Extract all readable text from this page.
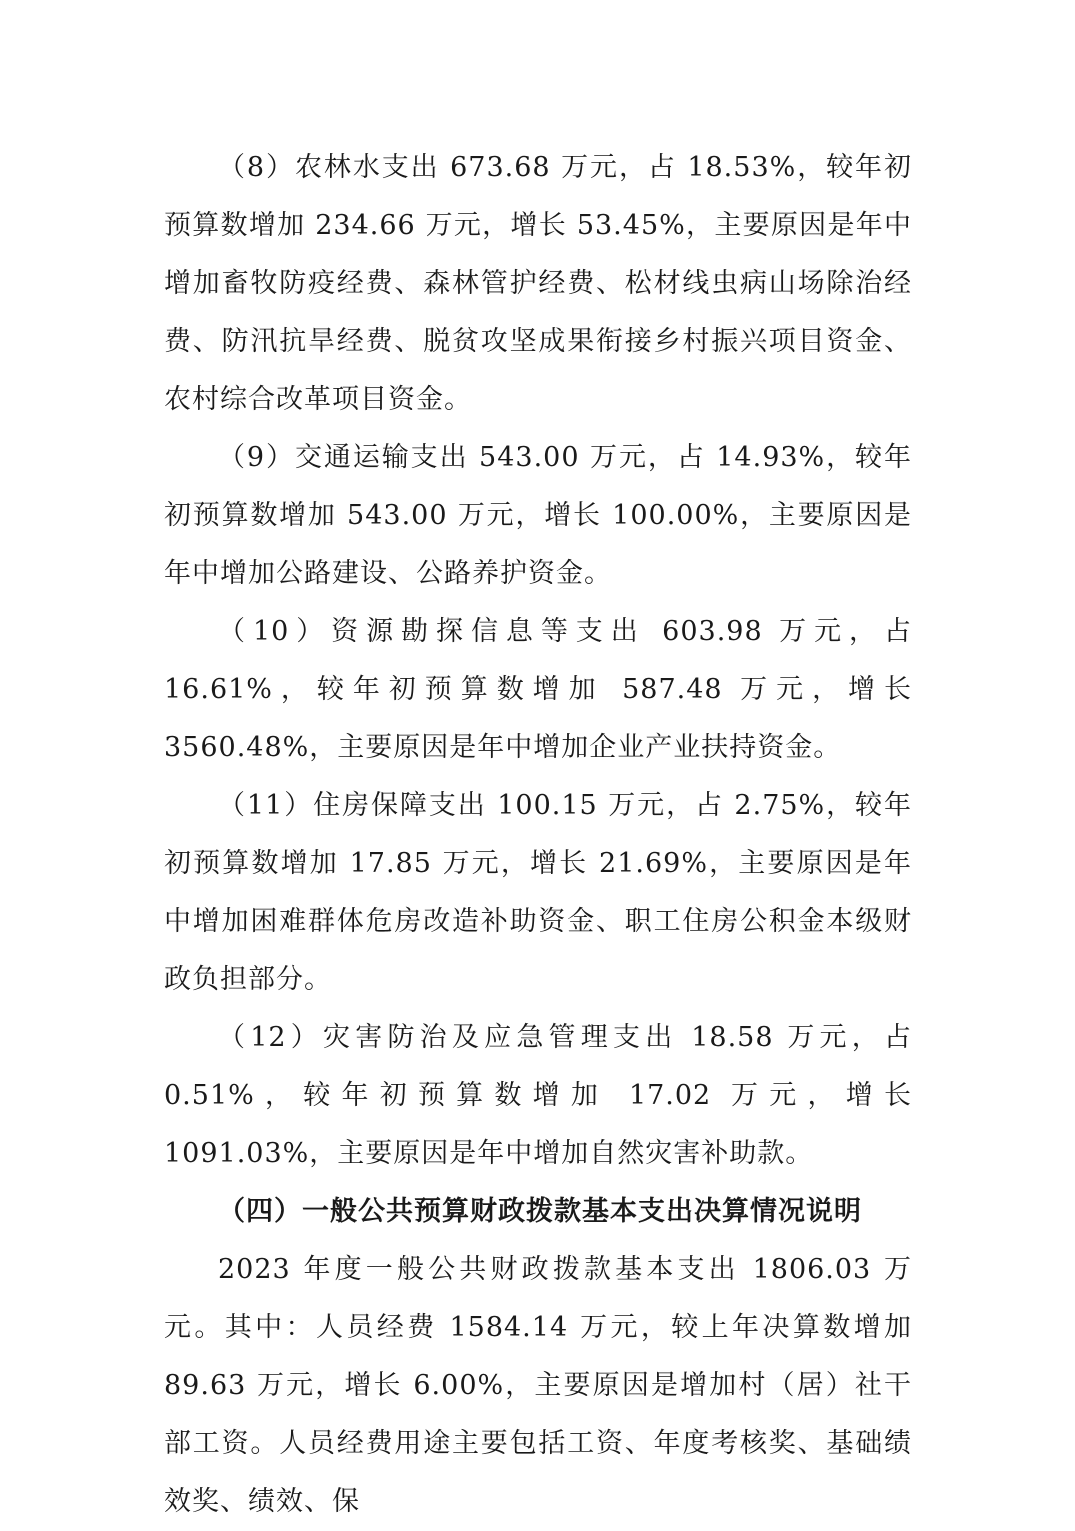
（8）农林水支出 673.68 万元，占 18.53%，较年初预算数增加 234.66 万元，增长 53.45%，主要原因是年中增加畜牧防疫经费、森林管护经费、松材线虫病山场除治经费、防汛抗旱经费、脱贫攻坚成果衔接乡村振兴项目资金、农村综合改革项目资金。

（9）交通运输支出 543.00 万元，占 14.93%，较年初预算数增加 543.00 万元，增长 100.00%，主要原因是年中增加公路建设、公路养护资金。

（10）资源勘探信息等支出 603.98 万元，占 16.61%，较年初预算数增加 587.48 万元，增长 3560.48%，主要原因是年中增加企业产业扶持资金。

（11）住房保障支出 100.15 万元，占 2.75%，较年初预算数增加 17.85 万元，增长 21.69%，主要原因是年中增加困难群体危房改造补助资金、职工住房公积金本级财政负担部分。

（12）灾害防治及应急管理支出 18.58 万元，占 0.51%，较年初预算数增加 17.02 万元，增长 1091.03%，主要原因是年中增加自然灾害补助款。

（四）一般公共预算财政拨款基本支出决算情况说明

2023 年度一般公共财政拨款基本支出 1806.03 万元。其中：人员经费 1584.14 万元，较上年决算数增加 89.63 万元，增长 6.00%，主要原因是增加村（居）社干部工资。人员经费用途主要包括工资、年度考核奖、基础绩效奖、绩效、保
